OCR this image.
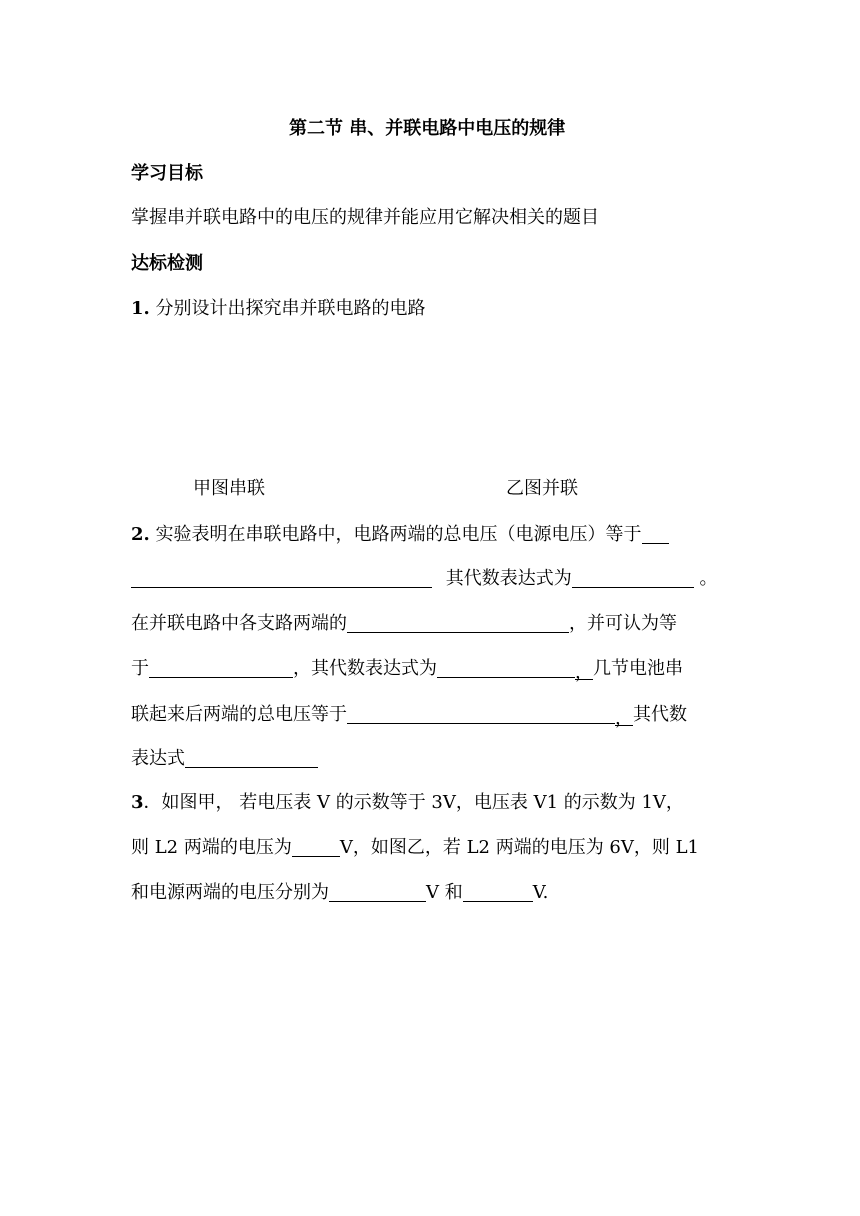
第二节 串、并联电路中电压的规律
学习目标
掌握串并联电路中的电压的规律并能应用它解决相关的题目
达标检测
1. 分别设计出探究串并联电路的电路
甲图串联	乙图并联
2. 实验表明在串联电路中，电路两端的总电压（电源电压）等于
其代数表达式为	。
在并联电路中各支路两端的	，并可认为等
于	，其代数表达式为	，几节电池串
联起来后两端的总电压等于	，其代数
表达式
3．如图甲， 若电压表 V 的示数等于 3V，电压表 V1 的示数为 1V，
则 L2 两端的电压为	V，如图乙，若 L2 两端的电压为 6V，则 L1
和电源两端的电压分别为	V 和	V.
